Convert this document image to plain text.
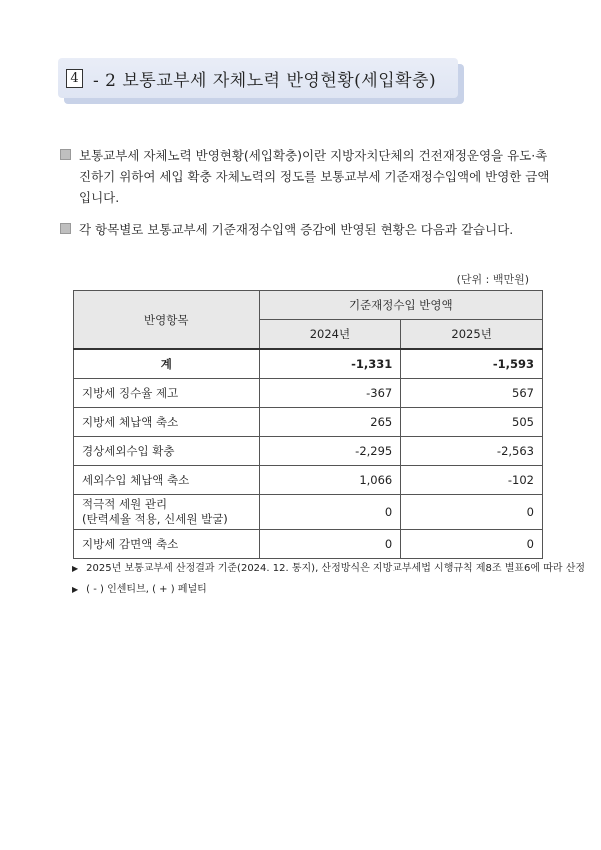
4 - 2 보통교부세 자체노력 반영현황(세입확충)
보통교부세 자체노력 반영현황(세입확충)이란 지방자치단체의 건전재정운영을 유도·촉진하기 위하여 세입 확충 자체노력의 정도를 보통교부세 기준재정수입액에 반영한 금액입니다.
각 항목별로 보통교부세 기준재정수입액 증감에 반영된 현황은 다음과 같습니다.
(단위 : 백만원)
반영항목	기준재정수입 반영액	
	2024년	2025년
계	-1,331	-1,593
지방세 징수율 제고	-367	567
지방세 체납액 축소	265	505
경상세외수입 확충	-2,295	-2,563
세외수입 체납액 축소	1,066	-102

적극적 세원 관리
(탄력세율 적용, 신세원 발굴)	0	0
지방세 감면액 축소	0	0
▶ 2025년 보통교부세 산정결과 기준(2024. 12. 통지), 산정방식은 지방교부세법 시행규칙 제8조 별표6에 따라 산정
▶ ( - ) 인센티브, ( + ) 페널티
